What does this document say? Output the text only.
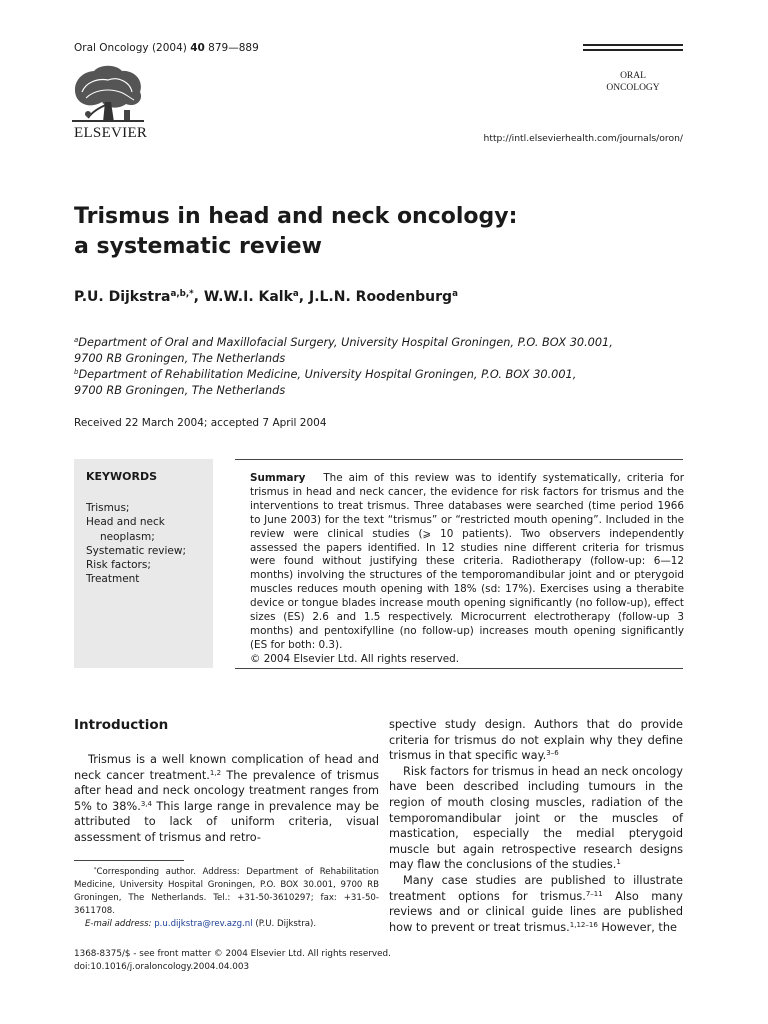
Oral Oncology (2004) 40 879—889
ELSEVIER
ORAL
ONCOLOGY
http://intl.elsevierhealth.com/journals/oron/
Trismus in head and neck oncology:
a systematic review
P.U. Dijkstra$^{a,b,*}$, W.W.I. Kalk$^a$, J.L.N. Roodenburg$^a$
$^a$Department of Oral and Maxillofacial Surgery, University Hospital Groningen, P.O. BOX 30.001,
9700 RB Groningen, The Netherlands
$^b$Department of Rehabilitation Medicine, University Hospital Groningen, P.O. BOX 30.001,
9700 RB Groningen, The Netherlands
Received 22 March 2004; accepted 7 April 2004
KEYWORDS
Trismus;
Head and neck
neoplasm;
Systematic review;
Risk factors;
Treatment
Summary The aim of this review was to identify systematically, criteria for trismus in head and neck cancer, the evidence for risk factors for trismus and the interventions to treat trismus. Three databases were searched (time period 1966 to June 2003) for the text “trismus” or “restricted mouth opening”. Included in the review were clinical studies (⩾ 10 patients). Two observers independently assessed the papers identified. In 12 studies nine different criteria for trismus were found without justifying these criteria. Radiotherapy (follow-up: 6—12 months) involving the structures of the temporomandibular joint and or pterygoid muscles reduces mouth opening with 18% (sd: 17%). Exercises using a therabite device or tongue blades increase mouth opening significantly (no follow-up), effect sizes (ES) 2.6 and 1.5 respectively. Microcurrent electrotherapy (follow-up 3 months) and pentoxifylline (no follow-up) increases mouth opening significantly (ES for both: 0.3).
© 2004 Elsevier Ltd. All rights reserved.
Introduction

Trismus is a well known complication of head and neck cancer treatment.$^{1,2}$ The prevalence of trismus after head and neck oncology treatment ranges from 5% to 38%.$^{3,4}$ This large range in prevalence may be attributed to lack of uniform criteria, visual assessment of trismus and retro-

spective study design. Authors that do provide criteria for trismus do not explain why they define trismus in that specific way.$^{3-6}$

Risk factors for trismus in head an neck oncology have been described including tumours in the region of mouth closing muscles, radiation of the temporomandibular joint or the muscles of mastication, especially the medial pterygoid muscle but again retrospective research designs may flaw the conclusions of the studies.$^1$

Many case studies are published to illustrate treatment options for trismus.$^{7-11}$ Also many reviews and or clinical guide lines are published how to prevent or treat trismus.$^{1,12-16}$ However, the

*Corresponding author. Address: Department of Rehabilitation Medicine, University Hospital Groningen, P.O. BOX 30.001, 9700 RB Groningen, The Netherlands. Tel.: +31-50-3610297; fax: +31-50-3611708.
E-mail address: p.u.dijkstra@rev.azg.nl (P.U. Dijkstra).
1368-8375/$ - see front matter © 2004 Elsevier Ltd. All rights reserved.
doi:10.1016/j.oraloncology.2004.04.003
